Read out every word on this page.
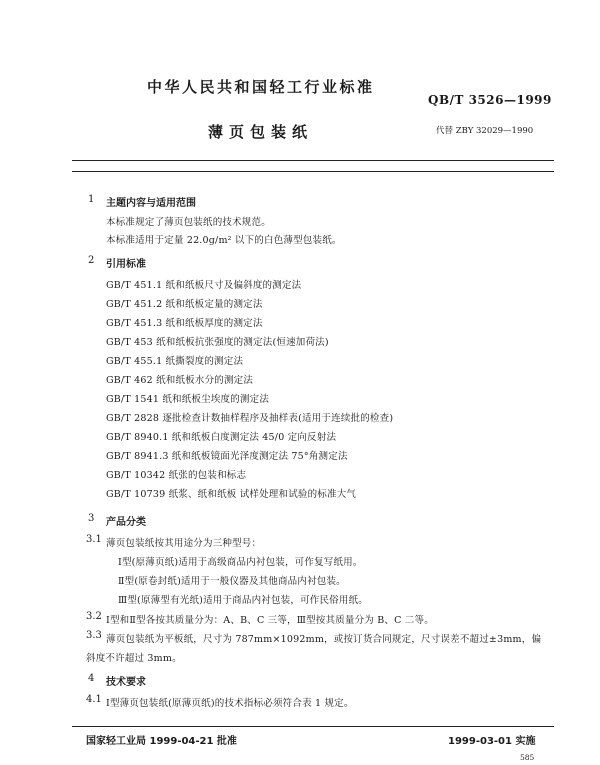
中华人民共和国轻工行业标准
QB/T 3526—1999
薄页包装纸	代替 ZBY 32029—1990
1 主题内容与适用范围
本标准规定了薄页包装纸的技术规范。
本标准适用于定量 22.0g/m² 以下的白色薄型包装纸。
2 引用标准
GB/T 451.1 纸和纸板尺寸及偏斜度的测定法
GB/T 451.2 纸和纸板定量的测定法
GB/T 451.3 纸和纸板厚度的测定法
GB/T 453 纸和纸板抗张强度的测定法(恒速加荷法)
GB/T 455.1 纸撕裂度的测定法
GB/T 462 纸和纸板水分的测定法
GB/T 1541 纸和纸板尘埃度的测定法
GB/T 2828 逐批检查计数抽样程序及抽样表(适用于连续批的检查)
GB/T 8940.1 纸和纸板白度测定法 45/0 定向反射法
GB/T 8941.3 纸和纸板镜面光泽度测定法 75°角测定法
GB/T 10342 纸张的包装和标志
GB/T 10739 纸浆、纸和纸板 试样处理和试验的标准大气
3 产品分类
3.1 薄页包装纸按其用途分为三种型号：
Ⅰ型(原薄页纸)适用于高级商品内衬包装，可作复写纸用。
Ⅱ型(原卷封纸)适用于一般仪器及其他商品内衬包装。
Ⅲ型(原薄型有光纸)适用于商品内衬包装，可作民俗用纸。
3.2 Ⅰ型和Ⅱ型各按其质量分为：A、B、C 三等，Ⅲ型按其质量分为 B、C 二等。
3.3 薄页包装纸为平板纸，尺寸为 787mm×1092mm，或按订货合同规定，尺寸误差不超过±3mm，偏
斜度不许超过 3mm。
4 技术要求
4.1 Ⅰ型薄页包装纸(原薄页纸)的技术指标必须符合表 1 规定。
国家轻工业局 1999-04-21 批准	1999-03-01 实施
585
